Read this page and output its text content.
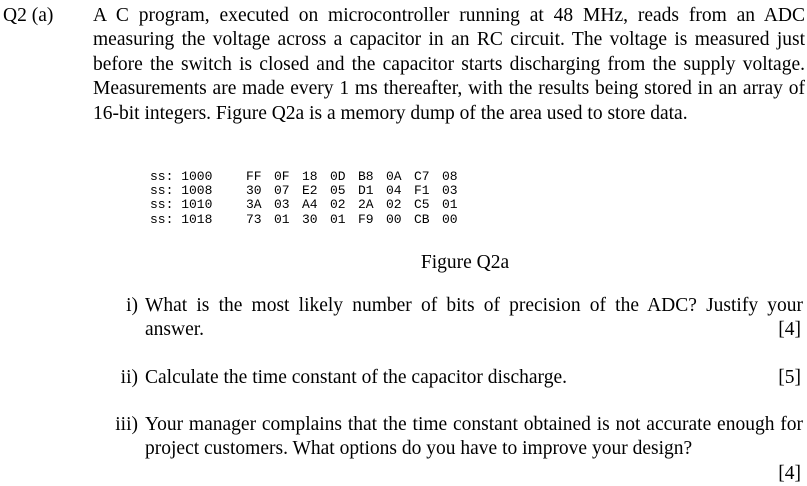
Q2 (a) A C program, executed on microcontroller running at 48 MHz, reads from an ADC measuring the voltage across a capacitor in an RC circuit. The voltage is measured just before the switch is closed and the capacitor starts discharging from the supply voltage. Measurements are made every 1 ms thereafter, with the results being stored in an array of 16-bit integers. Figure Q2a is a memory dump of the area used to store data.
ss: 1000	FF 0F 18 0D B8 0A C7 08
ss: 1008	30 07 E2 05 D1 04 F1 03
ss: 1010	3A 03 A4 02 2A 02 C5 01
ss: 1018	73 01 30 01 F9 00 CB 00
Figure Q2a
i) What is the most likely number of bits of precision of the ADC? Justify your answer.	[4]
ii) Calculate the time constant of the capacitor discharge.	[5]
iii) Your manager complains that the time constant obtained is not accurate enough for project customers. What options do you have to improve your design?
[4]
